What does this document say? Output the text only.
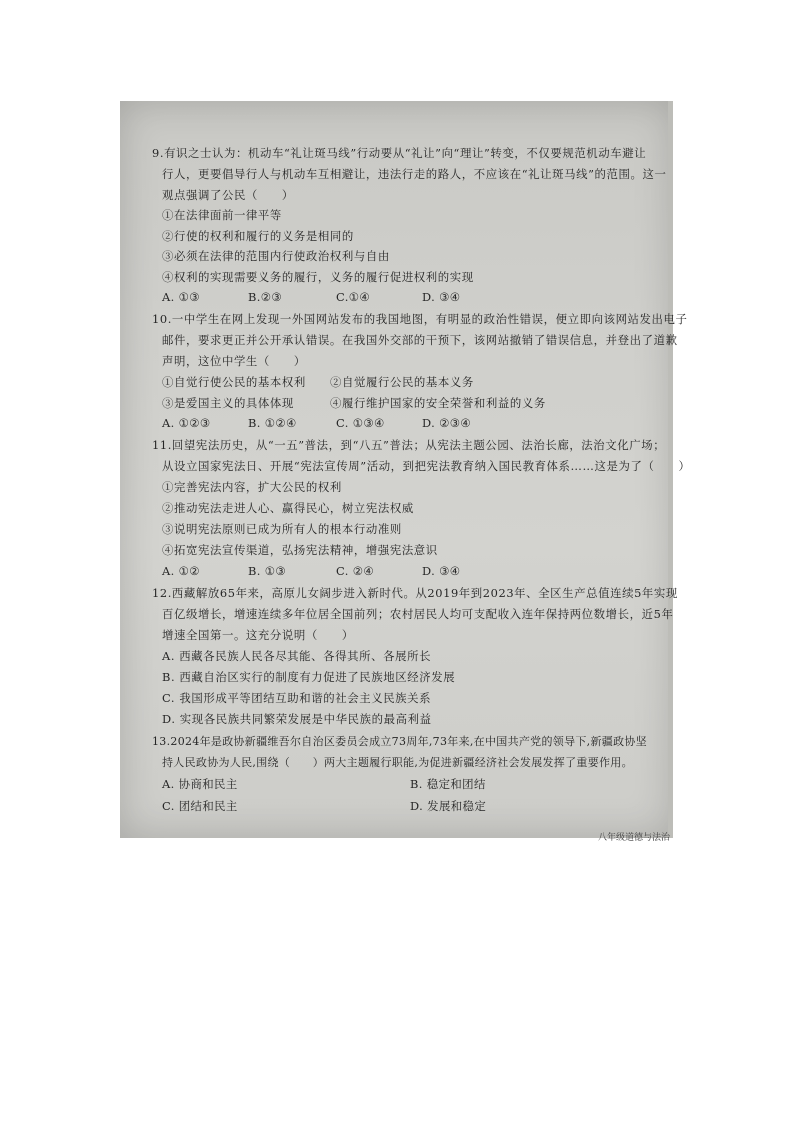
9.有识之士认为：机动车“礼让斑马线”行动要从“礼让”向“理让”转变，不仅要规范机动车避让
行人，更要倡导行人与机动车互相避让，违法行走的路人，不应该在“礼让斑马线”的范围。这一
观点强调了公民（　　）
①在法律面前一律平等
②行使的权利和履行的义务是相同的
③必须在法律的范围内行使政治权利与自由
④权利的实现需要义务的履行，义务的履行促进权利的实现
A. ①③	B.②③	C.①④	D. ③④
10.一中学生在网上发现一外国网站发布的我国地图，有明显的政治性错误，便立即向该网站发出电子
邮件，要求更正并公开承认错误。在我国外交部的干预下，该网站撤销了错误信息，并登出了道歉
声明，这位中学生（　　）
①自觉行使公民的基本权利 ②自觉履行公民的基本义务
③是爱国主义的具体体现	④履行维护国家的安全荣誉和利益的义务
A. ①②③	B. ①②④	C. ①③④	D. ②③④
11.回望宪法历史，从“一五”普法，到“八五”普法；从宪法主题公园、法治长廊，法治文化广场；
从设立国家宪法日、开展“宪法宣传周”活动，到把宪法教育纳入国民教育体系……这是为了（　　）
①完善宪法内容，扩大公民的权利
②推动宪法走进人心、赢得民心，树立宪法权威
③说明宪法原则已成为所有人的根本行动准则
④拓宽宪法宣传渠道，弘扬宪法精神，增强宪法意识
A. ①②	B. ①③	C. ②④	D. ③④
12.西藏解放65年来，高原儿女阔步进入新时代。从2019年到2023年、全区生产总值连续5年实现
百亿级增长，增速连续多年位居全国前列；农村居民人均可支配收入连年保持两位数增长，近5年
增速全国第一。这充分说明（　　）
A. 西藏各民族人民各尽其能、各得其所、各展所长
B. 西藏自治区实行的制度有力促进了民族地区经济发展
C. 我国形成平等团结互助和谐的社会主义民族关系
D. 实现各民族共同繁荣发展是中华民族的最高利益
13.2024年是政协新疆维吾尔自治区委员会成立73周年,73年来,在中国共产党的领导下,新疆政协坚
持人民政协为人民,围绕（　　）两大主题履行职能,为促进新疆经济社会发展发挥了重要作用。
A. 协商和民主	B. 稳定和团结
C. 团结和民主	D. 发展和稳定
八年级道德与法治
